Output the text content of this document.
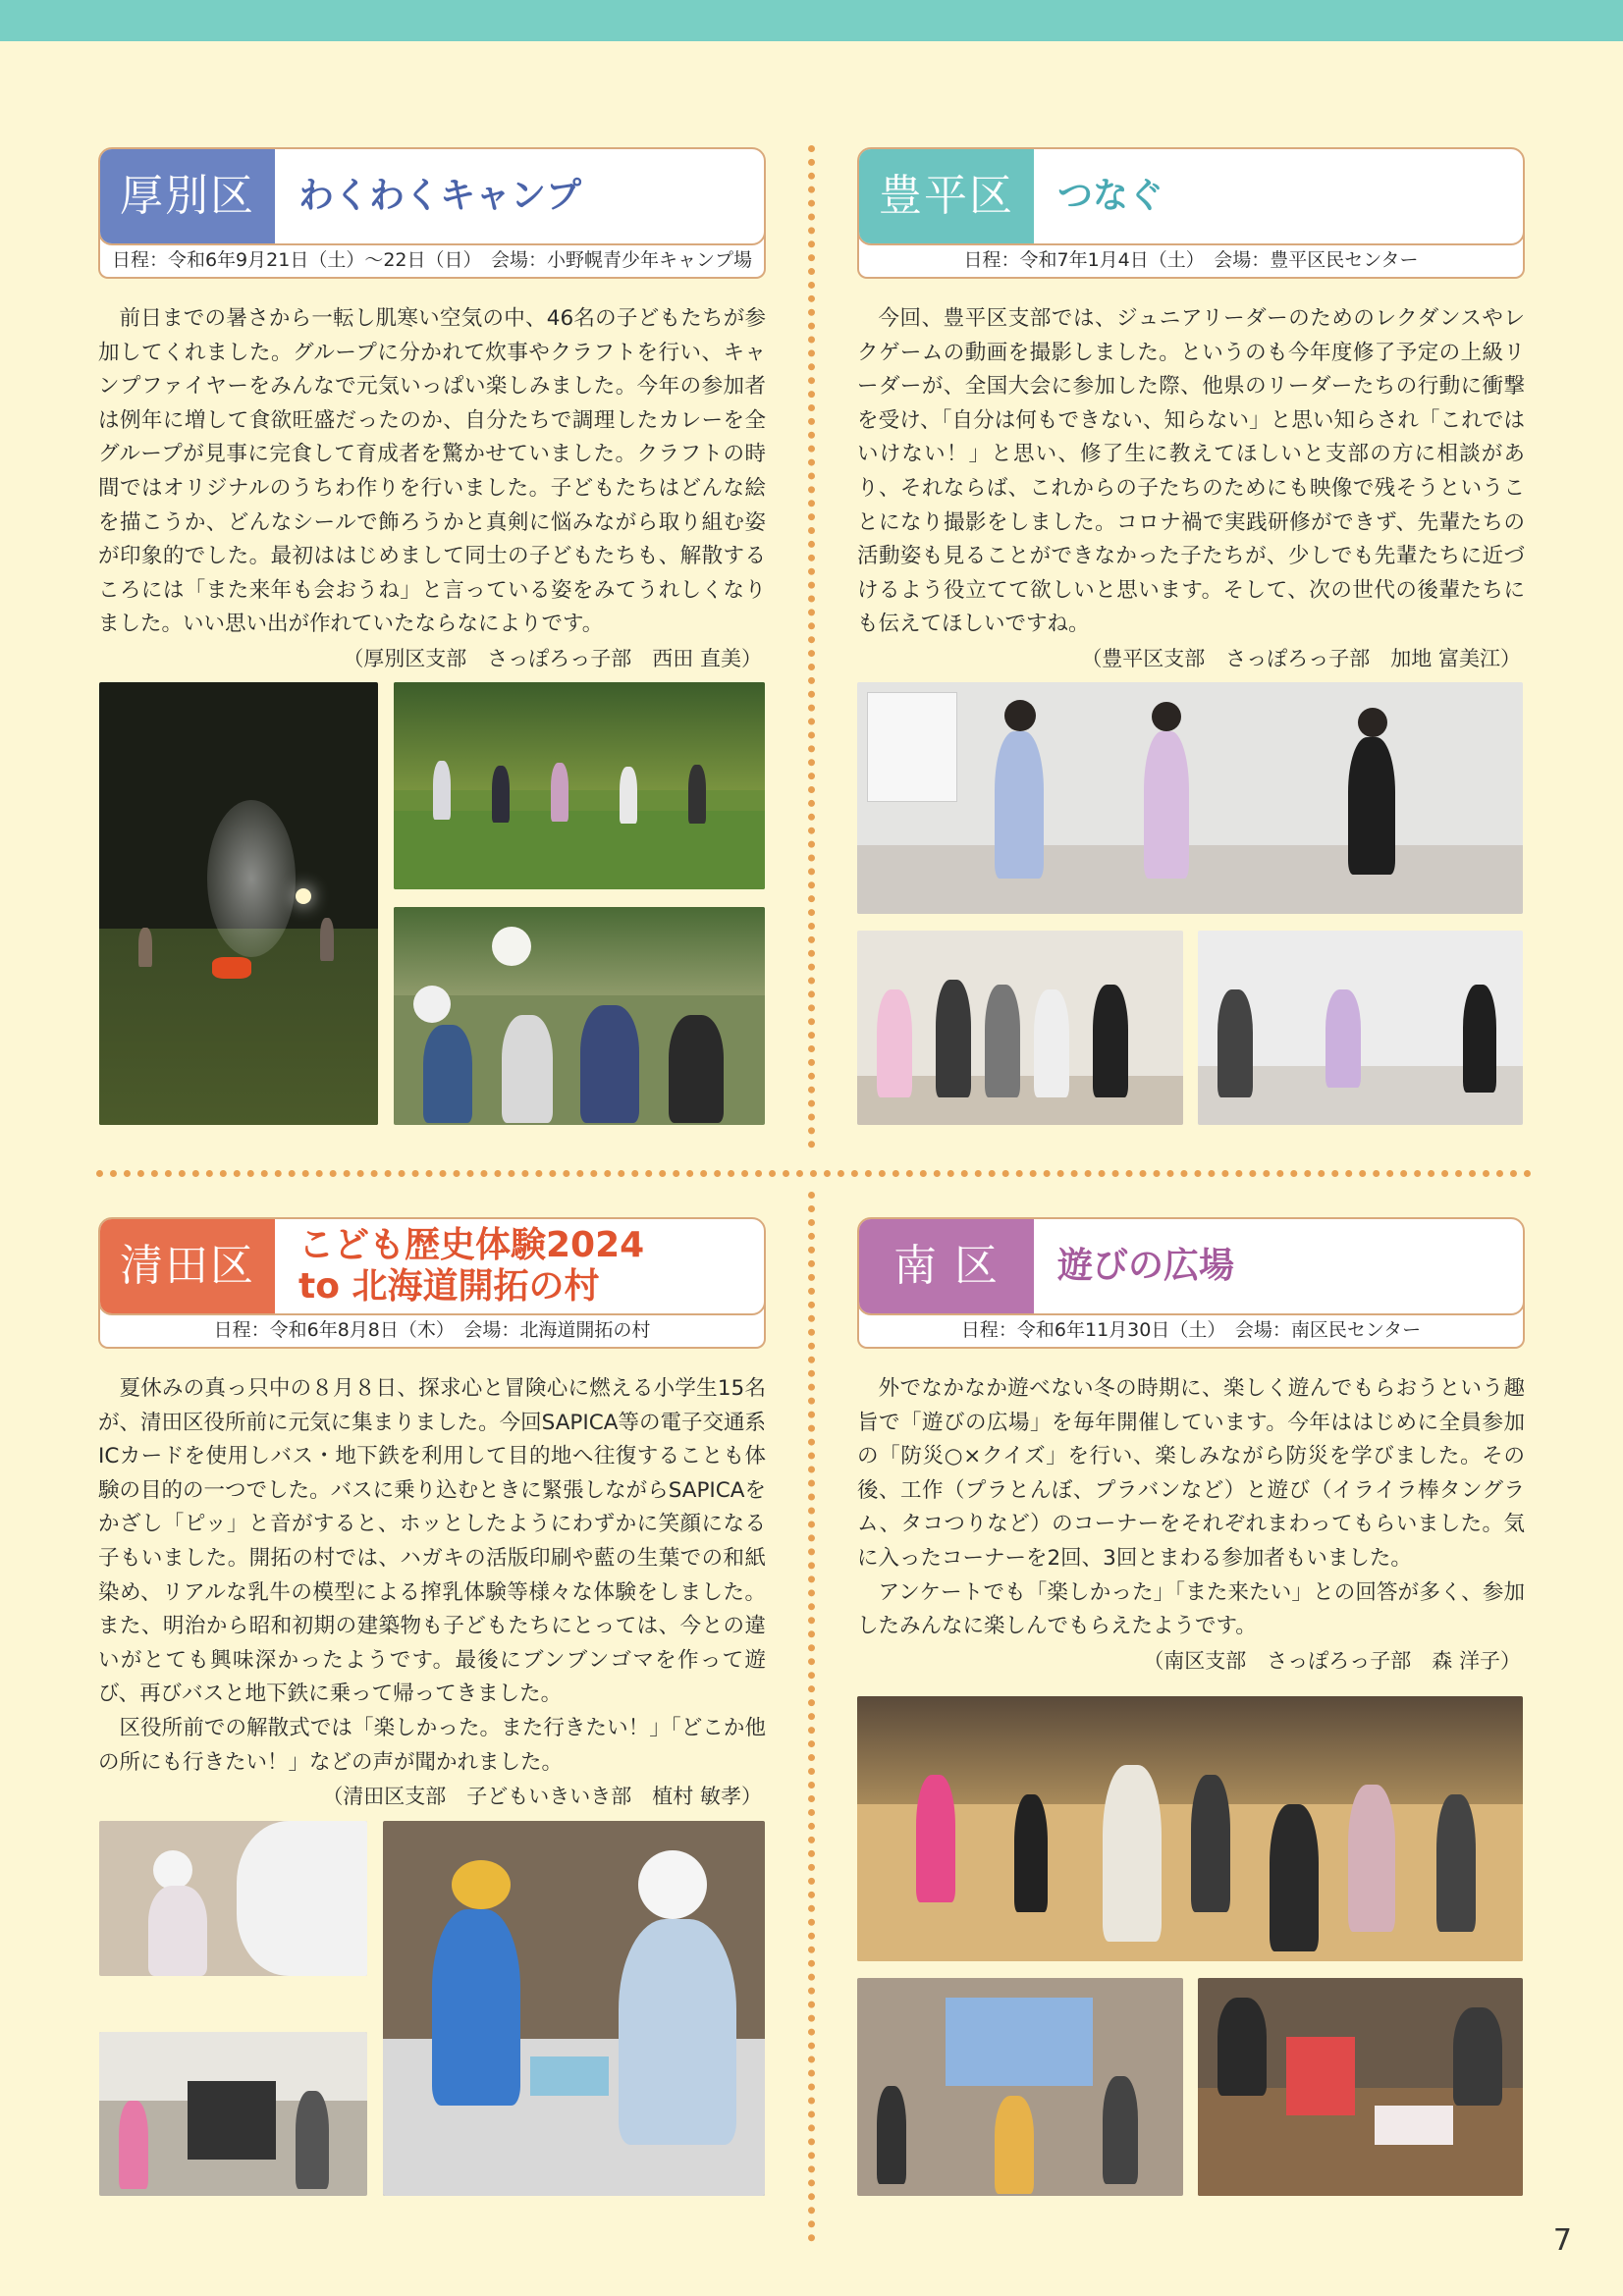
厚別区	わくわくキャンプ
日程：令和6年9月21日（土）～22日（日）　会場：小野幌青少年キャンプ場

前日までの暑さから一転し肌寒い空気の中、46名の子どもたちが参加してくれました。グループに分かれて炊事やクラフトを行い、キャンプファイヤーをみんなで元気いっぱい楽しみました。今年の参加者は例年に増して食欲旺盛だったのか、自分たちで調理したカレーを全グループが見事に完食して育成者を驚かせていました。クラフトの時間ではオリジナルのうちわ作りを行いました。子どもたちはどんな絵を描こうか、どんなシールで飾ろうかと真剣に悩みながら取り組む姿が印象的でした。最初ははじめまして同士の子どもたちも、解散するころには「また来年も会おうね」と言っている姿をみてうれしくなりました。いい思い出が作れていたならなによりです。

（厚別区支部　さっぽろっ子部　西田 直美）
豊平区	つなぐ
日程：令和7年1月4日（土）　会場：豊平区民センター

今回、豊平区支部では、ジュニアリーダーのためのレクダンスやレクゲームの動画を撮影しました。というのも今年度修了予定の上級リーダーが、全国大会に参加した際、他県のリーダーたちの行動に衝撃を受け、「自分は何もできない、知らない」と思い知らされ「これではいけない！」と思い、修了生に教えてほしいと支部の方に相談があり、それならば、これからの子たちのためにも映像で残そうということになり撮影をしました。コロナ禍で実践研修ができず、先輩たちの活動姿も見ることができなかった子たちが、少しでも先輩たちに近づけるよう役立てて欲しいと思います。そして、次の世代の後輩たちにも伝えてほしいですね。

（豊平区支部　さっぽろっ子部　加地 富美江）
清田区	こども歴史体験2024
to 北海道開拓の村
日程：令和6年8月8日（木）　会場：北海道開拓の村

夏休みの真っ只中の８月８日、探求心と冒険心に燃える小学生15名が、清田区役所前に元気に集まりました。今回SAPICA等の電子交通系ICカードを使用しバス・地下鉄を利用して目的地へ往復することも体験の目的の一つでした。バスに乗り込むときに緊張しながらSAPICAをかざし「ピッ」と音がすると、ホッとしたようにわずかに笑顔になる子もいました。開拓の村では、ハガキの活版印刷や藍の生葉での和紙染め、リアルな乳牛の模型による搾乳体験等様々な体験をしました。また、明治から昭和初期の建築物も子どもたちにとっては、今との違いがとても興味深かったようです。最後にブンブンゴマを作って遊び、再びバスと地下鉄に乗って帰ってきました。

区役所前での解散式では「楽しかった。また行きたい！」「どこか他の所にも行きたい！」などの声が聞かれました。

（清田区支部　子どもいきいき部　植村 敏孝）
南 区	遊びの広場
日程：令和6年11月30日（土）　会場：南区民センター

外でなかなか遊べない冬の時期に、楽しく遊んでもらおうという趣旨で「遊びの広場」を毎年開催しています。今年ははじめに全員参加の「防災○×クイズ」を行い、楽しみながら防災を学びました。その後、工作（プラとんぼ、プラバンなど）と遊び（イライラ棒タングラム、タコつりなど）のコーナーをそれぞれまわってもらいました。気に入ったコーナーを2回、3回とまわる参加者もいました。

アンケートでも「楽しかった」「また来たい」との回答が多く、参加したみんなに楽しんでもらえたようです。

（南区支部　さっぽろっ子部　森 洋子）
7
